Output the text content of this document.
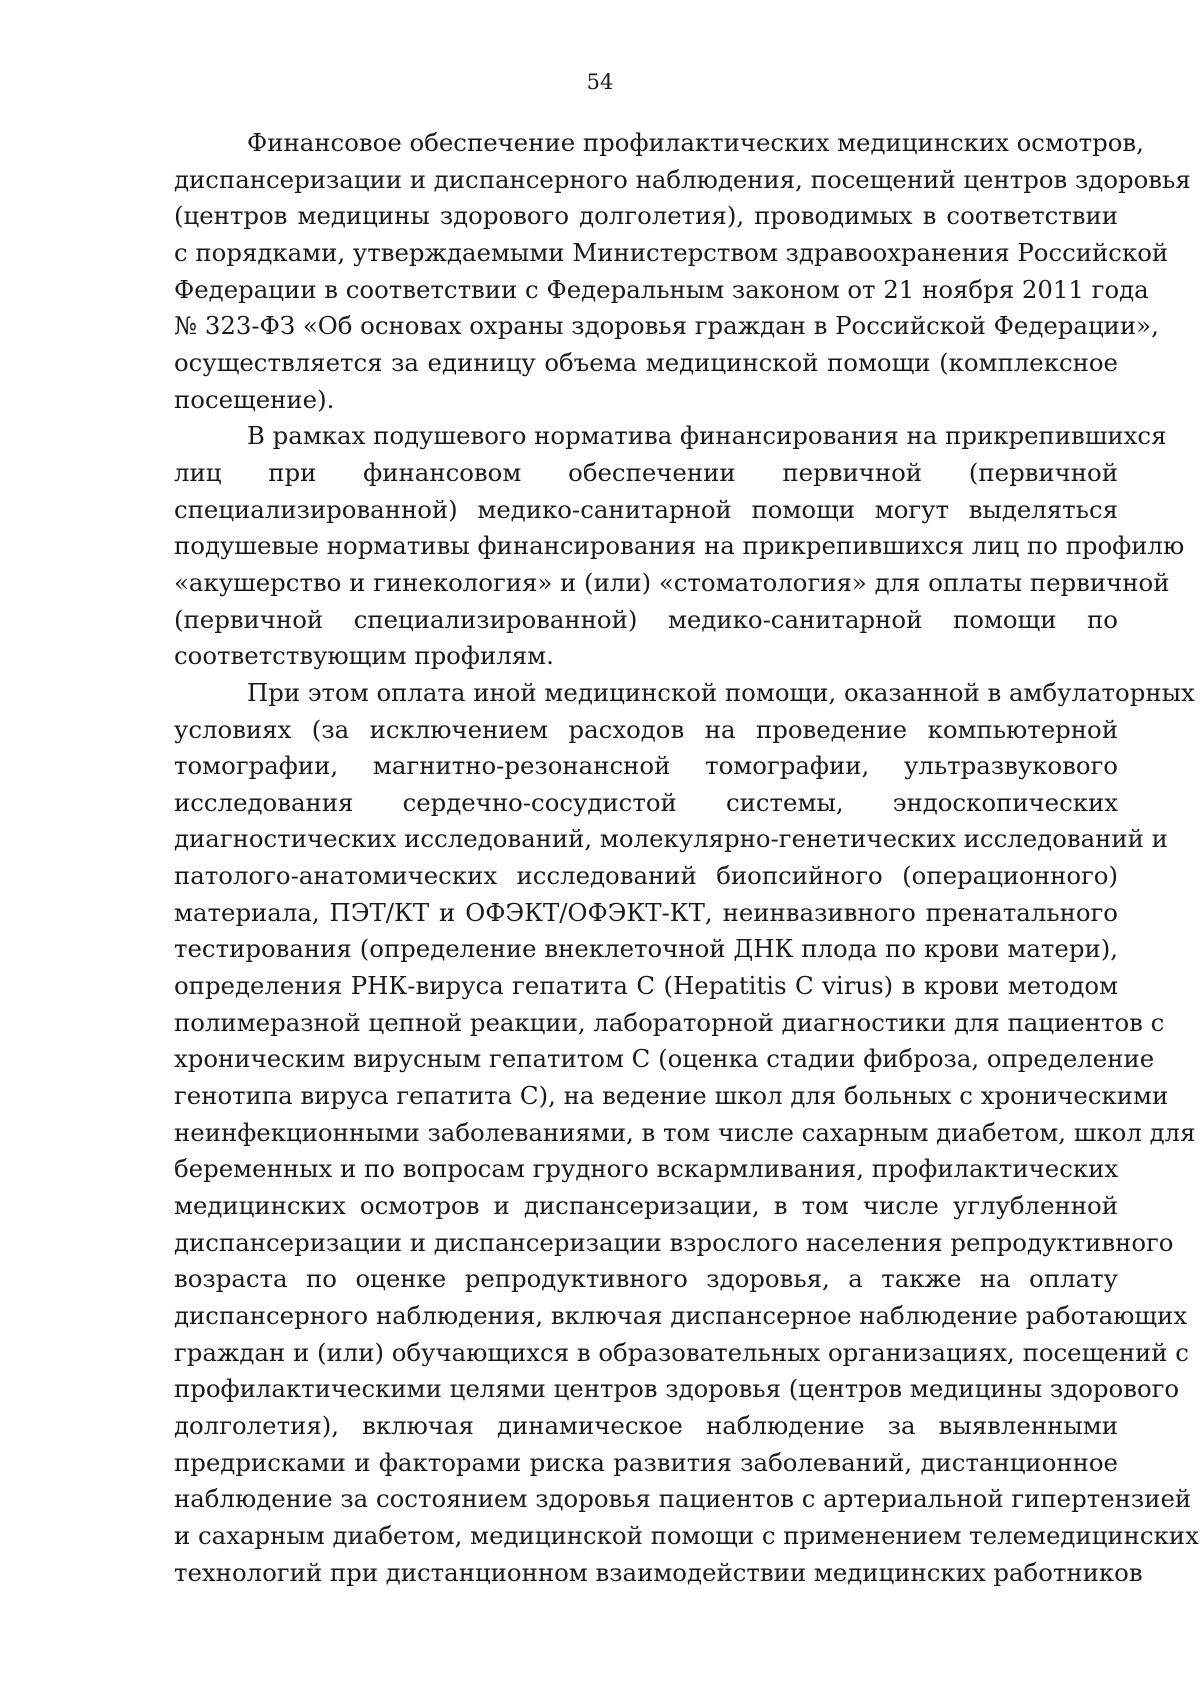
54

Финансовое обеспечение профилактических медицинских осмотров,
диспансеризации и диспансерного наблюдения, посещений центров здоровья
(центров медицины здорового долголетия), проводимых в соответствии
с порядками, утверждаемыми Министерством здравоохранения Российской
Федерации в соответствии с Федеральным законом от 21 ноября 2011 года
№ 323-ФЗ «Об основах охраны здоровья граждан в Российской Федерации»,
осуществляется за единицу объема медицинской помощи (комплексное
посещение).

В рамках подушевого норматива финансирования на прикрепившихся
лиц при финансовом обеспечении первичной (первичной
специализированной) медико-санитарной помощи могут выделяться
подушевые нормативы финансирования на прикрепившихся лиц по профилю
«акушерство и гинекология» и (или) «стоматология» для оплаты первичной
(первичной специализированной) медико-санитарной помощи по
соответствующим профилям.

При этом оплата иной медицинской помощи, оказанной в амбулаторных
условиях (за исключением расходов на проведение компьютерной
томографии, магнитно-резонансной томографии, ультразвукового
исследования сердечно-сосудистой системы, эндоскопических
диагностических исследований, молекулярно-генетических исследований и
патолого-анатомических исследований биопсийного (операционного)
материала, ПЭТ/КТ и ОФЭКТ/ОФЭКТ-КТ, неинвазивного пренатального
тестирования (определение внеклеточной ДНК плода по крови матери),
определения РНК-вируса гепатита С (Hepatitis C virus) в крови методом
полимеразной цепной реакции, лабораторной диагностики для пациентов с
хроническим вирусным гепатитом С (оценка стадии фиброза, определение
генотипа вируса гепатита С), на ведение школ для больных с хроническими
неинфекционными заболеваниями, в том числе сахарным диабетом, школ для
беременных и по вопросам грудного вскармливания, профилактических
медицинских осмотров и диспансеризации, в том числе углубленной
диспансеризации и диспансеризации взрослого населения репродуктивного
возраста по оценке репродуктивного здоровья, а также на оплату
диспансерного наблюдения, включая диспансерное наблюдение работающих
граждан и (или) обучающихся в образовательных организациях, посещений с
профилактическими целями центров здоровья (центров медицины здорового
долголетия), включая динамическое наблюдение за выявленными
предрисками и факторами риска развития заболеваний, дистанционное
наблюдение за состоянием здоровья пациентов с артериальной гипертензией
и сахарным диабетом, медицинской помощи с применением телемедицинских
технологий при дистанционном взаимодействии медицинских работников
